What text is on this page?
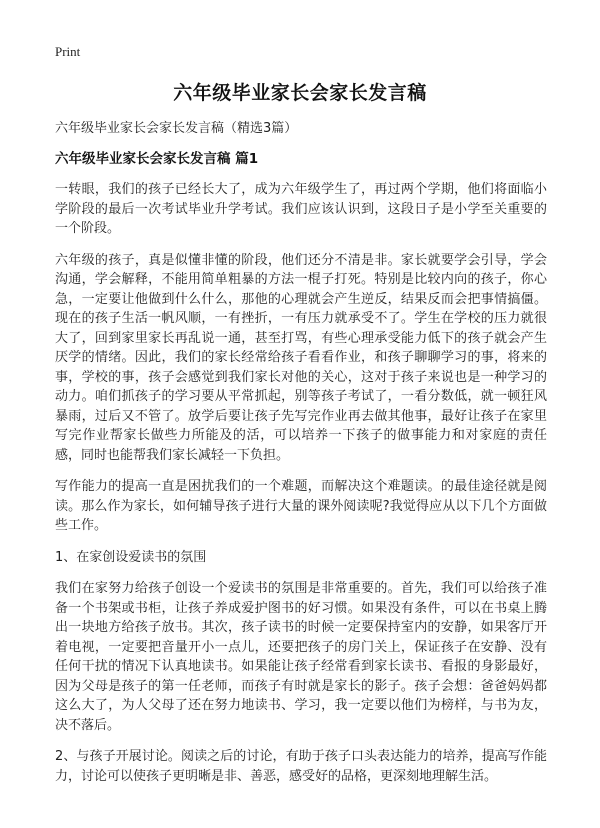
Print
六年级毕业家长会家长发言稿
六年级毕业家长会家长发言稿（精选3篇）
六年级毕业家长会家长发言稿 篇1

一转眼，我们的孩子已经长大了，成为六年级学生了，再过两个学期，他们将面临小学阶段的最后一次考试毕业升学考试。我们应该认识到，这段日子是小学至关重要的一个阶段。

六年级的孩子，真是似懂非懂的阶段，他们还分不清是非。家长就要学会引导，学会沟通，学会解释，不能用简单粗暴的方法一棍子打死。特别是比较内向的孩子，你心急，一定要让他做到什么什么，那他的心理就会产生逆反，结果反而会把事情搞僵。现在的孩子生活一帆风顺，一有挫折，一有压力就承受不了。学生在学校的压力就很大了，回到家里家长再乱说一通，甚至打骂，有些心理承受能力低下的孩子就会产生厌学的情绪。因此，我们的家长经常给孩子看看作业，和孩子聊聊学习的事，将来的事，学校的事，孩子会感觉到我们家长对他的关心，这对于孩子来说也是一种学习的动力。咱们抓孩子的学习要从平常抓起，别等孩子考试了，一看分数低，就一顿狂风暴雨，过后又不管了。放学后要让孩子先写完作业再去做其他事，最好让孩子在家里写完作业帮家长做些力所能及的活，可以培养一下孩子的做事能力和对家庭的责任感，同时也能帮我们家长减轻一下负担。

写作能力的提高一直是困扰我们的一个难题，而解决这个难题读。的最佳途径就是阅读。那么作为家长，如何辅导孩子进行大量的课外阅读呢?我觉得应从以下几个方面做些工作。

1、在家创设爱读书的氛围

我们在家努力给孩子创设一个爱读书的氛围是非常重要的。首先，我们可以给孩子准备一个书架或书柜，让孩子养成爱护图书的好习惯。如果没有条件，可以在书桌上腾出一块地方给孩子放书。其次，孩子读书的时候一定要保持室内的安静，如果客厅开着电视，一定要把音量开小一点儿，还要把孩子的房门关上，保证孩子在安静、没有任何干扰的情况下认真地读书。如果能让孩子经常看到家长读书、看报的身影最好，因为父母是孩子的第一任老师，而孩子有时就是家长的影子。孩子会想：爸爸妈妈都这么大了，为人父母了还在努力地读书、学习，我一定要以他们为榜样，与书为友，决不落后。

2、与孩子开展讨论。阅读之后的讨论，有助于孩子口头表达能力的培养，提高写作能力，讨论可以使孩子更明晰是非、善恶，感受好的品格，更深刻地理解生活。
